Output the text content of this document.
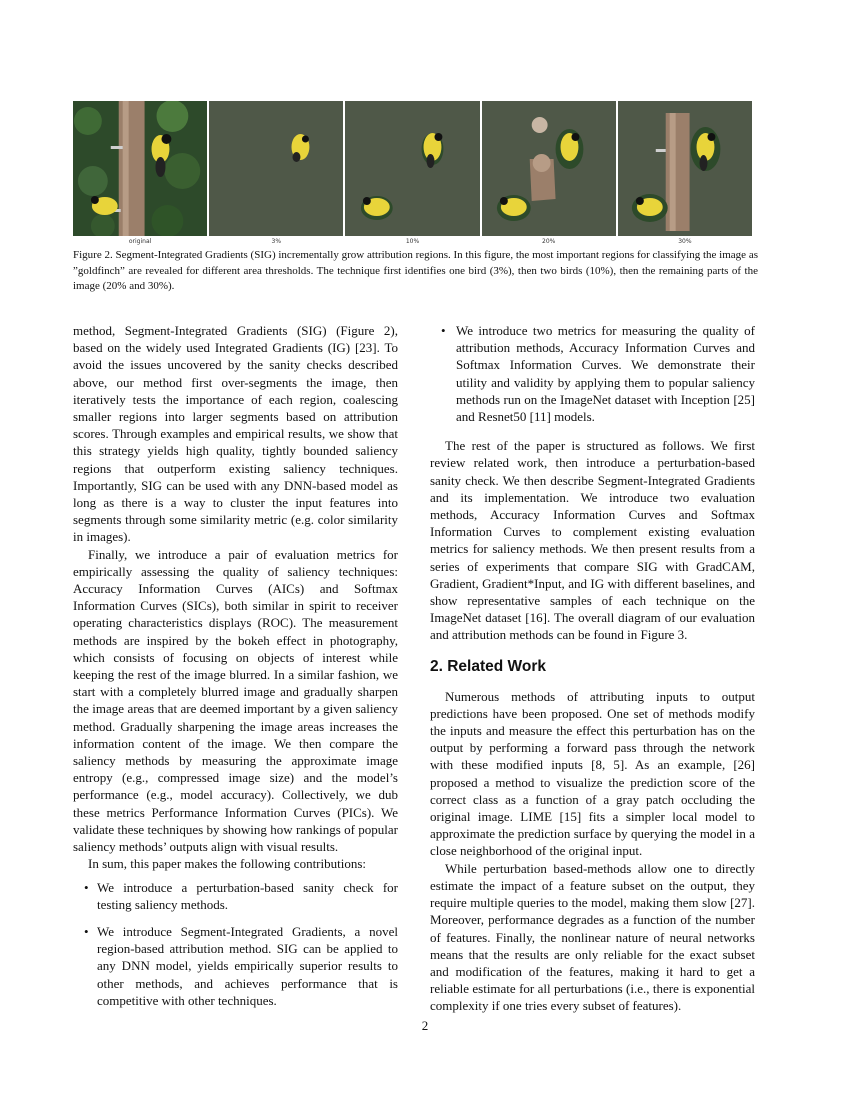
original	3%	10%	20%	30%
Figure 2. Segment-Integrated Gradients (SIG) incrementally grow attribution regions. In this figure, the most important regions for classifying the image as ”goldfinch” are revealed for different area thresholds. The technique first identifies one bird (3%), then two birds (10%), then the remaining parts of the image (20% and 30%).

method, Segment-Integrated Gradients (SIG) (Figure 2), based on the widely used Integrated Gradients (IG) [23]. To avoid the issues uncovered by the sanity checks described above, our method first over-segments the image, then iteratively tests the importance of each region, coalescing smaller regions into larger segments based on attribution scores. Through examples and empirical results, we show that this strategy yields high quality, tightly bounded saliency regions that outperform existing saliency techniques. Importantly, SIG can be used with any DNN-based model as long as there is a way to cluster the input features into segments through some similarity metric (e.g. color similarity in images).

Finally, we introduce a pair of evaluation metrics for empirically assessing the quality of saliency techniques: Accuracy Information Curves (AICs) and Softmax Information Curves (SICs), both similar in spirit to receiver operating characteristics displays (ROC). The measurement methods are inspired by the bokeh effect in photography, which consists of focusing on objects of interest while keeping the rest of the image blurred. In a similar fashion, we start with a completely blurred image and gradually sharpen the image areas that are deemed important by a given saliency method. Gradually sharpening the image areas increases the information content of the image. We then compare the saliency methods by measuring the approximate image entropy (e.g., compressed image size) and the model’s performance (e.g., model accuracy). Collectively, we dub these metrics Performance Information Curves (PICs). We validate these techniques by showing how rankings of popular saliency methods’ outputs align with visual results.

In sum, this paper makes the following contributions:

• We introduce a perturbation-based sanity check for testing saliency methods.
• We introduce Segment-Integrated Gradients, a novel region-based attribution method. SIG can be applied to any DNN model, yields empirically superior results to other methods, and achieves performance that is competitive with other techniques.
• We introduce two metrics for measuring the quality of attribution methods, Accuracy Information Curves and Softmax Information Curves. We demonstrate their utility and validity by applying them to popular saliency methods run on the ImageNet dataset with Inception [25] and Resnet50 [11] models.

The rest of the paper is structured as follows. We first review related work, then introduce a perturbation-based sanity check. We then describe Segment-Integrated Gradients and its implementation. We introduce two evaluation methods, Accuracy Information Curves and Softmax Information Curves to complement existing evaluation metrics for saliency methods. We then present results from a series of experiments that compare SIG with GradCAM, Gradient, Gradient*Input, and IG with different baselines, and show representative samples of each technique on the ImageNet dataset [16]. The overall diagram of our evaluation and attribution methods can be found in Figure 3.

2. Related Work

Numerous methods of attributing inputs to output predictions have been proposed. One set of methods modify the inputs and measure the effect this perturbation has on the output by performing a forward pass through the network with these modified inputs [8, 5]. As an example, [26] proposed a method to visualize the prediction score of the correct class as a function of a gray patch occluding the original image. LIME [15] fits a simpler local model to approximate the prediction surface by querying the model in a close neighborhood of the original input.

While perturbation based-methods allow one to directly estimate the impact of a feature subset on the output, they require multiple queries to the model, making them slow [27]. Moreover, performance degrades as a function of the number of features. Finally, the nonlinear nature of neural networks means that the results are only reliable for the exact subset and modification of the features, making it hard to get a reliable estimate for all perturbations (i.e., there is exponential complexity if one tries every subset of features).

2
